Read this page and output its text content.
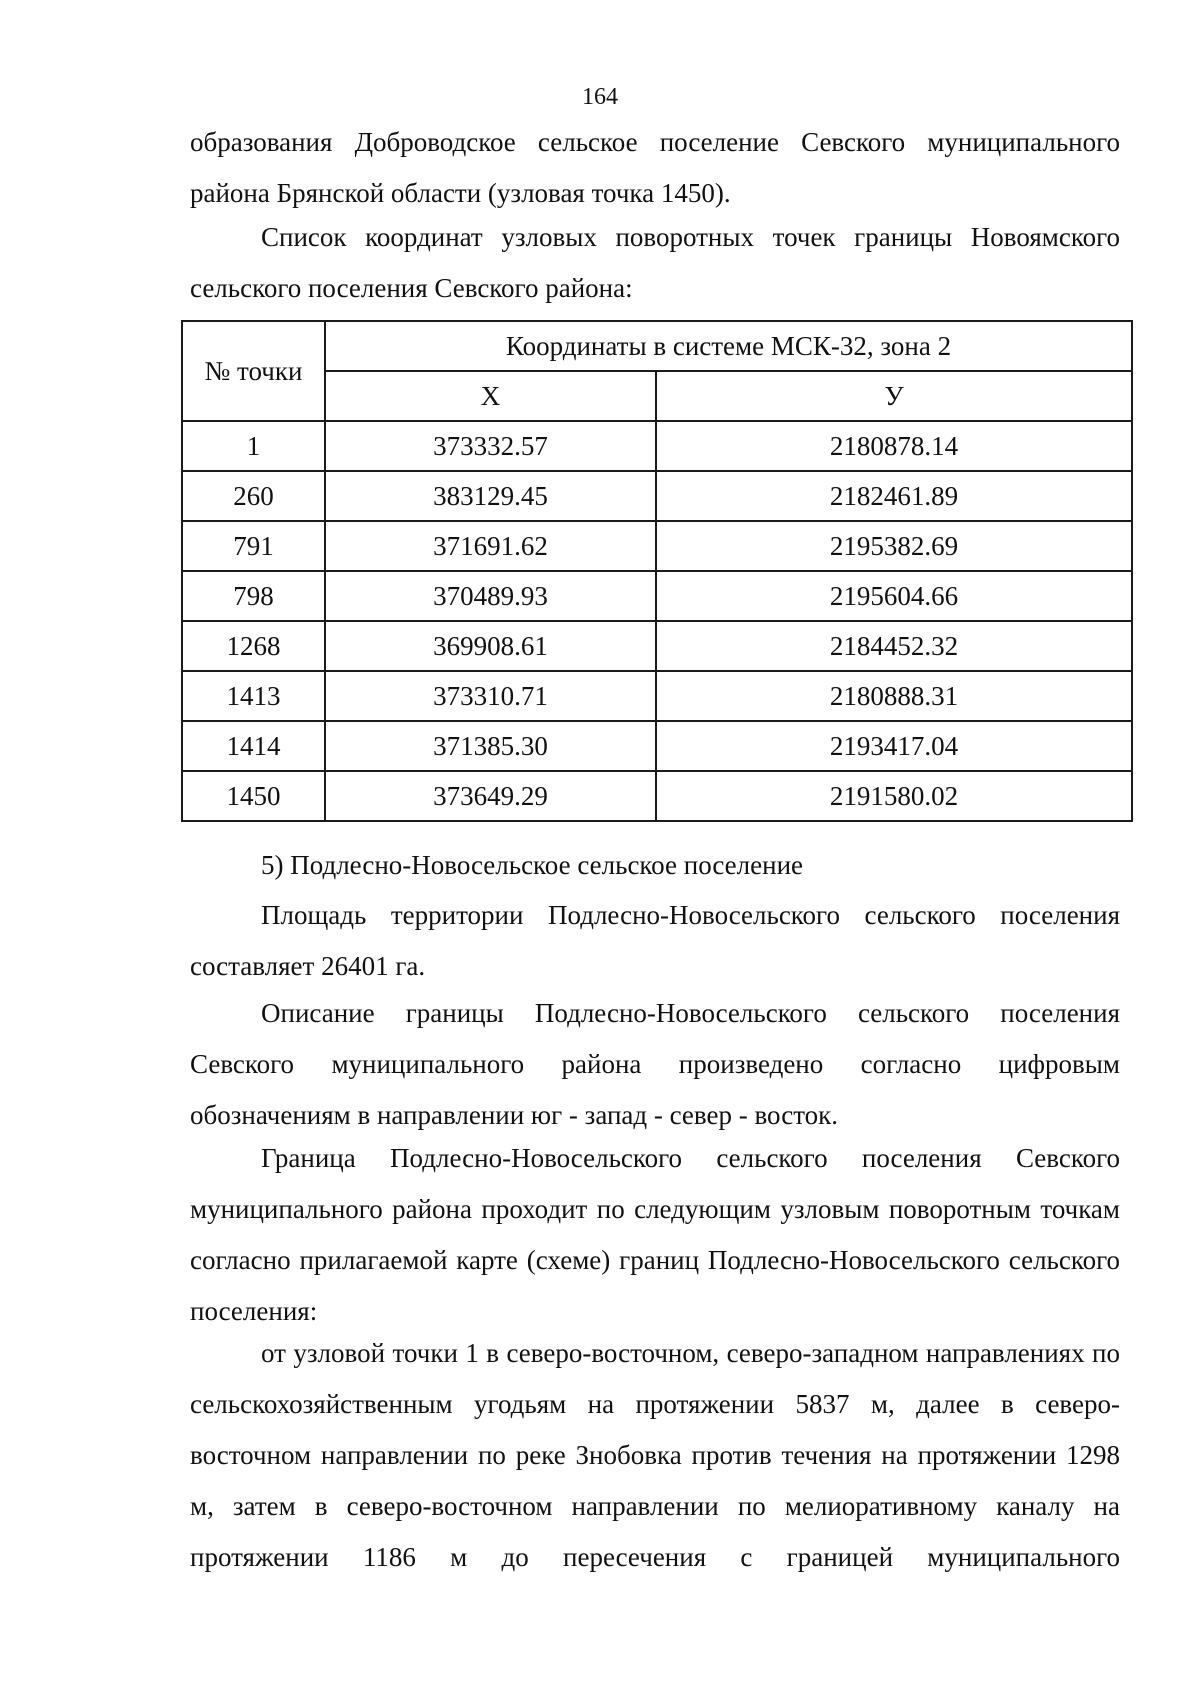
164

образования Доброводское сельское поселение Севского муниципального района Брянской области (узловая точка 1450).

Список координат узловых поворотных точек границы Новоямского сельского поселения Севского района:

№ точки	Координаты в системе МСК-32, зона 2	
	X	У
1	373332.57	2180878.14
260	383129.45	2182461.89
791	371691.62	2195382.69
798	370489.93	2195604.66
1268	369908.61	2184452.32
1413	373310.71	2180888.31
1414	371385.30	2193417.04
1450	373649.29	2191580.02

5) Подлесно-Новосельское сельское поселение

Площадь территории Подлесно-Новосельского сельского поселения составляет 26401 га.

Описание границы Подлесно-Новосельского сельского поселения Севского муниципального района произведено согласно цифровым обозначениям в направлении юг - запад - север - восток.

Граница Подлесно-Новосельского сельского поселения Севского муниципального района проходит по следующим узловым поворотным точкам согласно прилагаемой карте (схеме) границ Подлесно-Новосельского сельского поселения:

от узловой точки 1 в северо-восточном, северо-западном направлениях по сельскохозяйственным угодьям на протяжении 5837 м, далее в северо-восточном направлении по реке Знобовка против течения на протяжении 1298 м, затем в северо-восточном направлении по мелиоративному каналу на протяжении 1186 м до пересечения с границей муниципального
